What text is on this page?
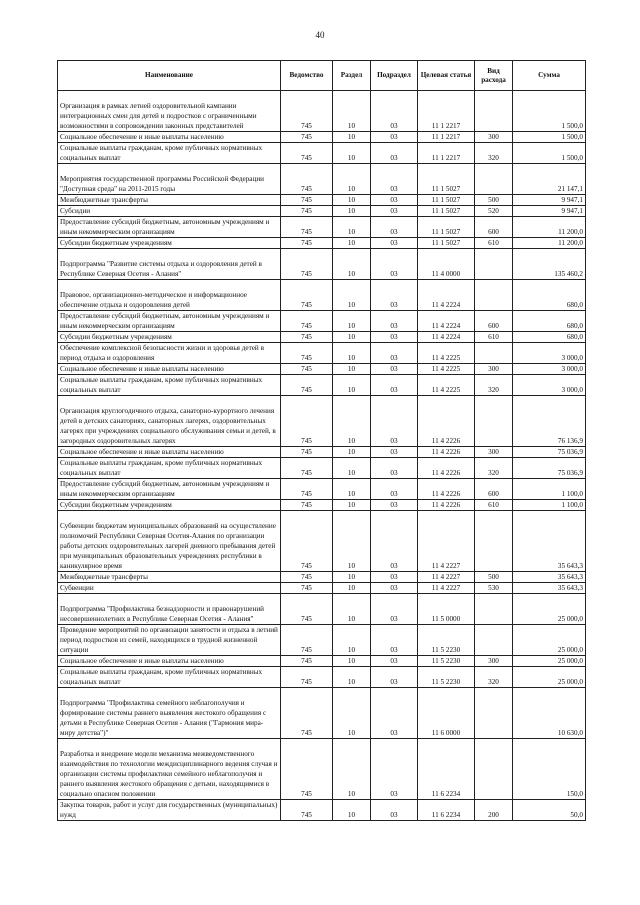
40
Наименование	Ведомство	Раздел	Подраздел	Целевая статья	Вид расхода	Сумма
Организация в рамках летней оздоровительной кампании интеграционных смен для детей и подростков с ограниченными возможностями в сопровождении законных представителей	745	10	03	11 1 2217		1 500,0
Социальное обеспечение и иные выплаты населению	745	10	03	11 1 2217	300	1 500,0
Социальные выплаты гражданам, кроме публичных нормативных социальных выплат	745	10	03	11 1 2217	320	1 500,0
Мероприятия государственной программы Российской Федерации "Доступная среда" на 2011-2015 годы	745	10	03	11 1 5027		21 147,1
Межбюджетные трансферты	745	10	03	11 1 5027	500	9 947,1
Субсидии	745	10	03	11 1 5027	520	9 947,1
Предоставление субсидий бюджетным, автономным учреждениям и иным некоммерческим организациям	745	10	03	11 1 5027	600	11 200,0
Субсидии бюджетным учреждениям	745	10	03	11 1 5027	610	11 200,0
Подпрограмма "Развитие системы отдыха и оздоровления детей в Республике Северная Осетия - Алания"	745	10	03	11 4 0000		135 460,2
Правовое, организационно-методическое и информационное обеспечение отдыха и оздоровления детей	745	10	03	11 4 2224		680,0
Предоставление субсидий бюджетным, автономным учреждениям и иным некоммерческим организациям	745	10	03	11 4 2224	600	680,0
Субсидии бюджетным учреждениям	745	10	03	11 4 2224	610	680,0
Обеспечение комплексной безопасности жизни и здоровья детей в период отдыха и оздоровления	745	10	03	11 4 2225		3 000,0
Социальное обеспечение и иные выплаты населению	745	10	03	11 4 2225	300	3 000,0
Социальные выплаты гражданам, кроме публичных нормативных социальных выплат	745	10	03	11 4 2225	320	3 000,0
Организация круглогодичного отдыха, санаторно-курортного лечения детей в детских санаториях, санаторных лагерях, оздоровительных лагерях при учреждениях социального обслуживания семьи и детей, в загородных оздоровительных лагерях	745	10	03	11 4 2226		76 136,9
Социальное обеспечение и иные выплаты населению	745	10	03	11 4 2226	300	75 036,9
Социальные выплаты гражданам, кроме публичных нормативных социальных выплат	745	10	03	11 4 2226	320	75 036,9
Предоставление субсидий бюджетным, автономным учреждениям и иным некоммерческим организациям	745	10	03	11 4 2226	600	1 100,0
Субсидии бюджетным учреждениям	745	10	03	11 4 2226	610	1 100,0
Субвенции бюджетам муниципальных образований на осуществление полномочий Республики Северная Осетия-Алания по организации работы детских оздоровительных лагерей дневного пребывания детей при муниципальных образовательных учреждениях республики в каникулярное время	745	10	03	11 4 2227		35 643,3
Межбюджетные трансферты	745	10	03	11 4 2227	500	35 643,3
Субвенции	745	10	03	11 4 2227	530	35 643,3
Подпрограмма "Профилактика безнадзорности и правонарушений несовершеннолетних в Республике Северная Осетия - Алания"	745	10	03	11 5 0000		25 000,0
Проведение мероприятий по организации занятости и отдыха в летний период подростков из семей, находящихся в трудной жизненной ситуации	745	10	03	11 5 2230		25 000,0
Социальное обеспечение и иные выплаты населению	745	10	03	11 5 2230	300	25 000,0
Социальные выплаты гражданам, кроме публичных нормативных социальных выплат	745	10	03	11 5 2230	320	25 000,0
Подпрограмма "Профилактика семейного неблагополучия и формирование системы раннего выявления жестокого обращения с детьми в Республике Северная Осетия - Алания ("Гармония мира-миру детства")"	745	10	03	11 6 0000		10 630,0
Разработка и внедрение модели механизма межведомственного взаимодействия по технологии междисциплинарного ведения случая и организации системы профилактики семейного неблагополучия и раннего выявления жестокого обращения с детьми, находящимися в социально опасном положении	745	10	03	11 6 2234		150,0
Закупка товаров, работ и услуг для государственных (муниципальных) нужд	745	10	03	11 6 2234	200	50,0
